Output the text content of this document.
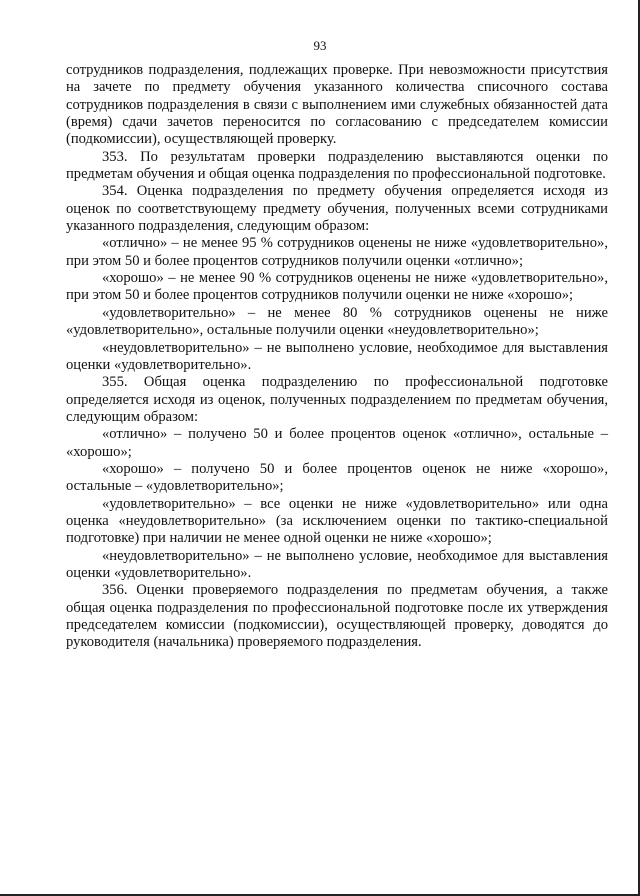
93

сотрудников подразделения, подлежащих проверке. При невозможности присутствия на зачете по предмету обучения указанного количества списочного состава сотрудников подразделения в связи с выполнением ими служебных обязанностей дата (время) сдачи зачетов переносится по согласованию с председателем комиссии (подкомиссии), осуществляющей проверку.

353. По результатам проверки подразделению выставляются оценки по предметам обучения и общая оценка подразделения по профессиональной подготовке.

354. Оценка подразделения по предмету обучения определяется исходя из оценок по соответствующему предмету обучения, полученных всеми сотрудниками указанного подразделения, следующим образом:

«отлично» – не менее 95 % сотрудников оценены не ниже «удовлетворительно», при этом 50 и более процентов сотрудников получили оценки «отлично»;

«хорошо» – не менее 90 % сотрудников оценены не ниже «удовлетворительно», при этом 50 и более процентов сотрудников получили оценки не ниже «хорошо»;

«удовлетворительно» – не менее 80 % сотрудников оценены не ниже «удовлетворительно», остальные получили оценки «неудовлетворительно»;

«неудовлетворительно» – не выполнено условие, необходимое для выставления оценки «удовлетворительно».

355. Общая оценка подразделению по профессиональной подготовке определяется исходя из оценок, полученных подразделением по предметам обучения, следующим образом:

«отлично» – получено 50 и более процентов оценок «отлично», остальные – «хорошо»;

«хорошо» – получено 50 и более процентов оценок не ниже «хорошо», остальные – «удовлетворительно»;

«удовлетворительно» – все оценки не ниже «удовлетворительно» или одна оценка «неудовлетворительно» (за исключением оценки по тактико-специальной подготовке) при наличии не менее одной оценки не ниже «хорошо»;

«неудовлетворительно» – не выполнено условие, необходимое для выставления оценки «удовлетворительно».

356. Оценки проверяемого подразделения по предметам обучения, а также общая оценка подразделения по профессиональной подготовке после их утверждения председателем комиссии (подкомиссии), осуществляющей проверку, доводятся до руководителя (начальника) проверяемого подразделения.
